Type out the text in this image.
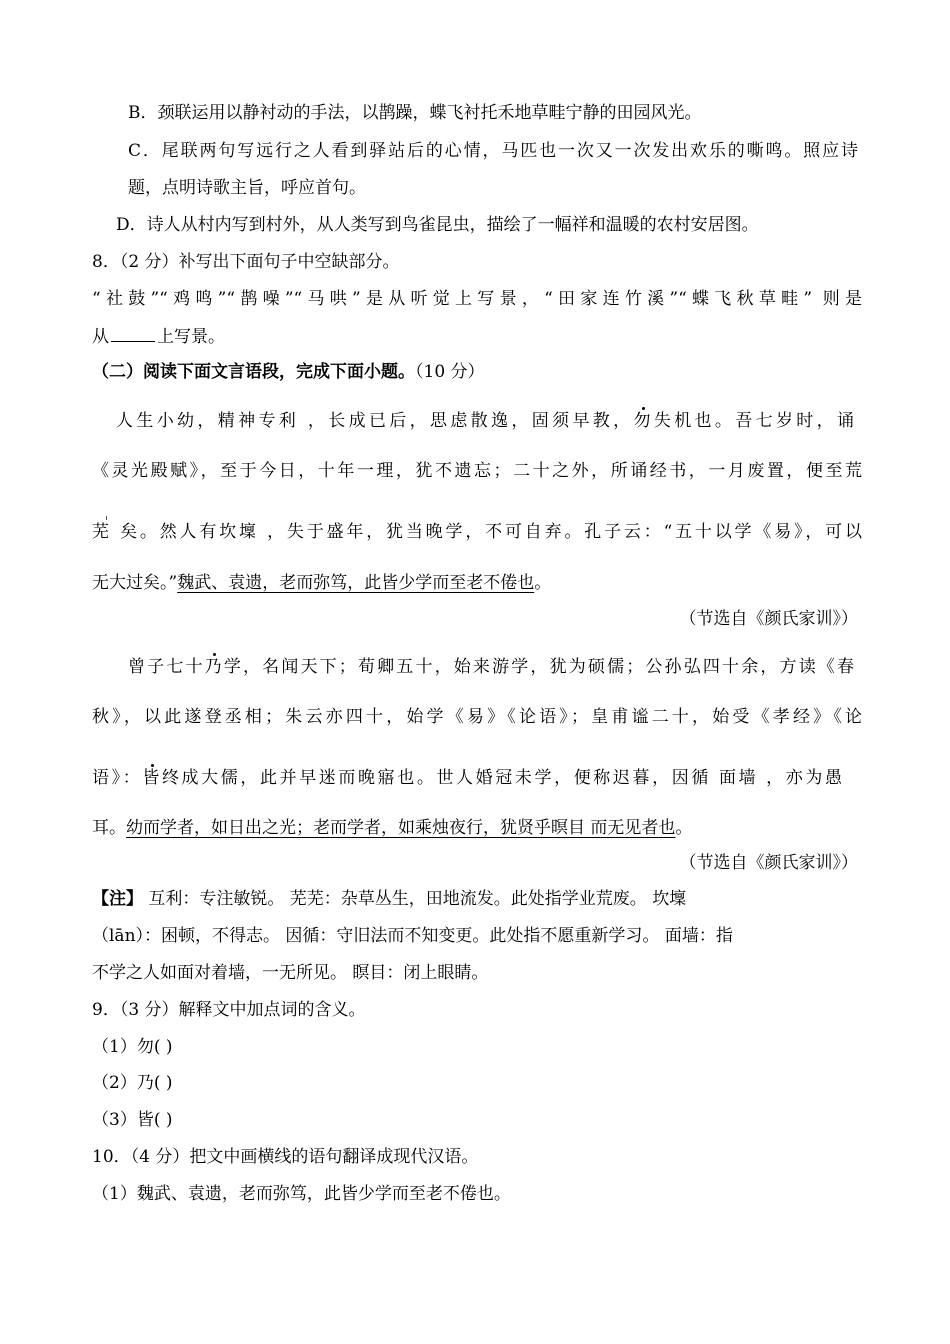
B．颈联运用以静衬动的手法，以鹊躁，蝶飞衬托禾地草畦宁静的田园风光。
C．尾联两句写远行之人看到驿站后的心情，马匹也一次又一次发出欢乐的嘶鸣。照应诗
题，点明诗歌主旨，呼应首句。
D．诗人从村内写到村外，从人类写到鸟雀昆虫，描绘了一幅祥和温暖的农村安居图。
8．（2 分）补写出下面句子中空缺部分。
“社鼓”“鸡鸣”“鹊噪”“马哄”是从听觉上写景，“田家连竹溪”“蝶飞秋草畦” 则是
从	上写景。
（二）阅读下面文言语段，完成下面小题。（10 分）
人生小幼，精神专利 ，长成已后，思虑散逸，固须早教，勿失机也。吾七岁时，诵
《灵光殿赋》，至于今日，十年一理，犹不遗忘；二十之外，所诵经书，一月废置，便至荒
芜 矣。然人有坎壈 ，失于盛年，犹当晚学，不可自弃。孔子云：“五十以学《易》，可以
无大过矣。”魏武、袁遗，老而弥笃，此皆少学而至老不倦也。
（节选自《颜氏家训》）
曾子七十乃学，名闻天下；荀卿五十，始来游学，犹为硕儒；公孙弘四十余，方读《春
秋》，以此遂登丞相；朱云亦四十，始学《易》《论语》；皇甫谧二十，始受《孝经》《论
语》：皆终成大儒，此并早迷而晚寤也。世人婚冠未学，便称迟暮，因循 面墙 ，亦为愚
耳。幼而学者，如日出之光；老而学者，如乘烛夜行，犹贤乎暝目 而无见者也。
（节选自《颜氏家训》）
【注】 互利：专注敏锐。 芜芜：杂草丛生，田地流发。此处指学业荒废。 坎壈
（lān）：困顿，不得志。 因循：守旧法而不知变更。此处指不愿重新学习。 面墙：指
不学之人如面对着墙，一无所见。 瞑目：闭上眼睛。
9．（3 分）解释文中加点词的含义。
（1）勿( )
（2）乃( )
（3）皆( )
10．（4 分）把文中画横线的语句翻译成现代汉语。
（1）魏武、袁遗，老而弥笃，此皆少学而至老不倦也。
